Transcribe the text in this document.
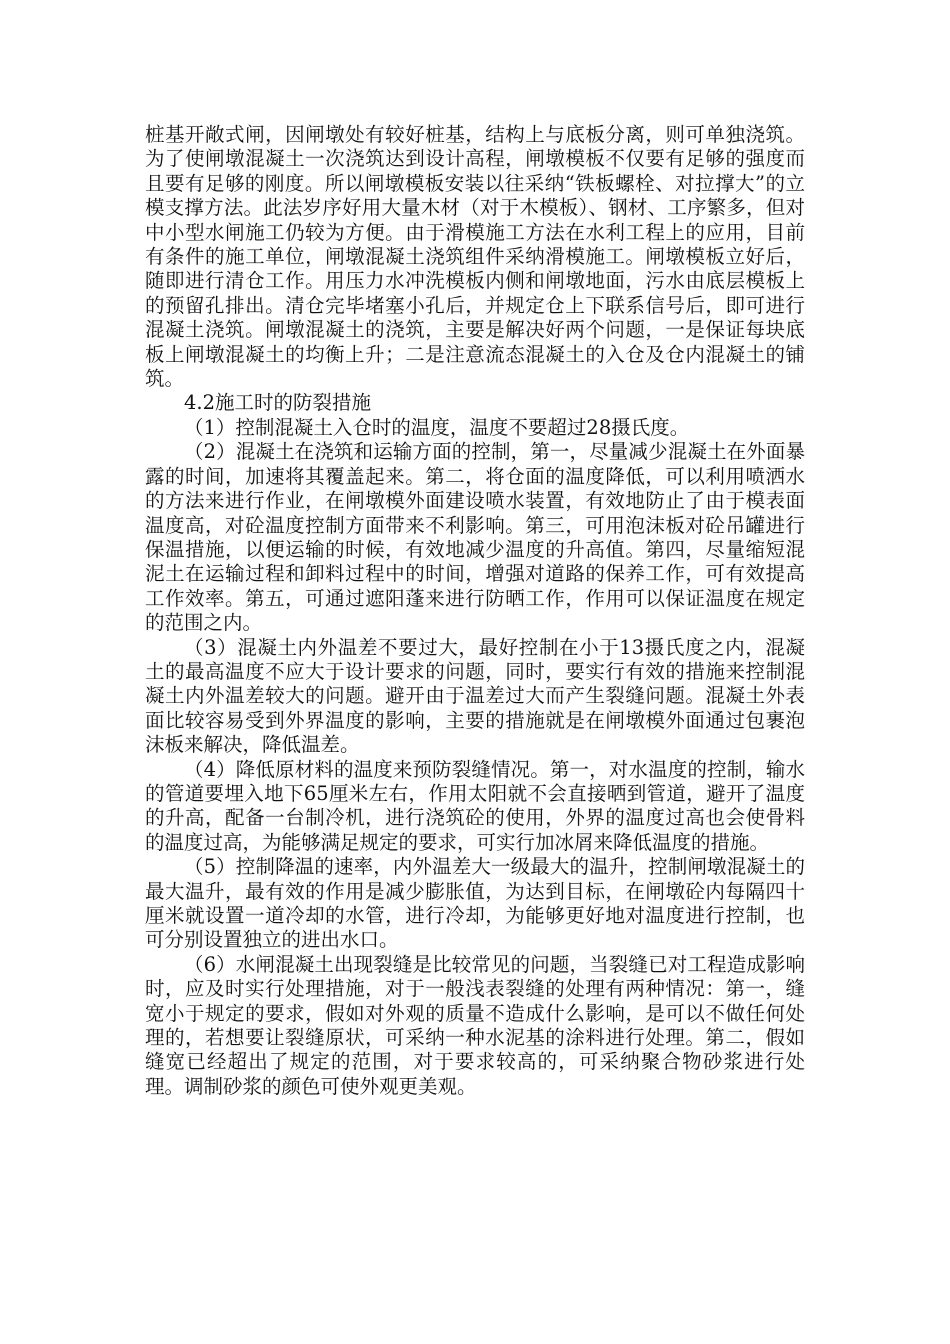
桩基开敞式闸，因闸墩处有较好桩基，结构上与底板分离，则可单独浇筑。为了使闸墩混凝土一次浇筑达到设计高程，闸墩模板不仅要有足够的强度而且要有足够的刚度。所以闸墩模板安装以往采纳“铁板螺栓、对拉撑大”的立模支撑方法。此法岁序好用大量木材（对于木模板）、钢材、工序繁多，但对中小型水闸施工仍较为方便。由于滑模施工方法在水利工程上的应用，目前有条件的施工单位，闸墩混凝土浇筑组件采纳滑模施工。闸墩模板立好后，随即进行清仓工作。用压力水冲洗模板内侧和闸墩地面，污水由底层模板上的预留孔排出。清仓完毕堵塞小孔后，并规定仓上下联系信号后，即可进行混凝土浇筑。闸墩混凝土的浇筑，主要是解决好两个问题，一是保证每块底板上闸墩混凝土的均衡上升；二是注意流态混凝土的入仓及仓内混凝土的铺筑。

4.2施工时的防裂措施

（1）控制混凝土入仓时的温度，温度不要超过28摄氏度。

（2）混凝土在浇筑和运输方面的控制，第一，尽量减少混凝土在外面暴露的时间，加速将其覆盖起来。第二，将仓面的温度降低，可以利用喷洒水的方法来进行作业，在闸墩模外面建设喷水装置，有效地防止了由于模表面温度高，对砼温度控制方面带来不利影响。第三，可用泡沫板对砼吊罐进行保温措施，以便运输的时候，有效地减少温度的升高值。第四，尽量缩短混泥土在运输过程和卸料过程中的时间，增强对道路的保养工作，可有效提高工作效率。第五，可通过遮阳蓬来进行防晒工作，作用可以保证温度在规定的范围之内。

（3）混凝土内外温差不要过大，最好控制在小于13摄氏度之内，混凝土的最高温度不应大于设计要求的问题，同时，要实行有效的措施来控制混凝土内外温差较大的问题。避开由于温差过大而产生裂缝问题。混凝土外表面比较容易受到外界温度的影响，主要的措施就是在闸墩模外面通过包裹泡沫板来解决，降低温差。

（4）降低原材料的温度来预防裂缝情况。第一，对水温度的控制，输水的管道要埋入地下65厘米左右，作用太阳就不会直接晒到管道，避开了温度的升高，配备一台制冷机，进行浇筑砼的使用，外界的温度过高也会使骨料的温度过高，为能够满足规定的要求，可实行加冰屑来降低温度的措施。

（5）控制降温的速率，内外温差大一级最大的温升，控制闸墩混凝土的最大温升，最有效的作用是减少膨胀值，为达到目标，在闸墩砼内每隔四十厘米就设置一道冷却的水管，进行冷却，为能够更好地对温度进行控制，也可分别设置独立的进出水口。

（6）水闸混凝土出现裂缝是比较常见的问题，当裂缝已对工程造成影响时，应及时实行处理措施，对于一般浅表裂缝的处理有两种情况：第一，缝宽小于规定的要求，假如对外观的质量不造成什么影响，是可以不做任何处理的，若想要让裂缝原状，可采纳一种水泥基的涂料进行处理。第二，假如缝宽已经超出了规定的范围，对于要求较高的，可采纳聚合物砂浆进行处理。调制砂浆的颜色可使外观更美观。
